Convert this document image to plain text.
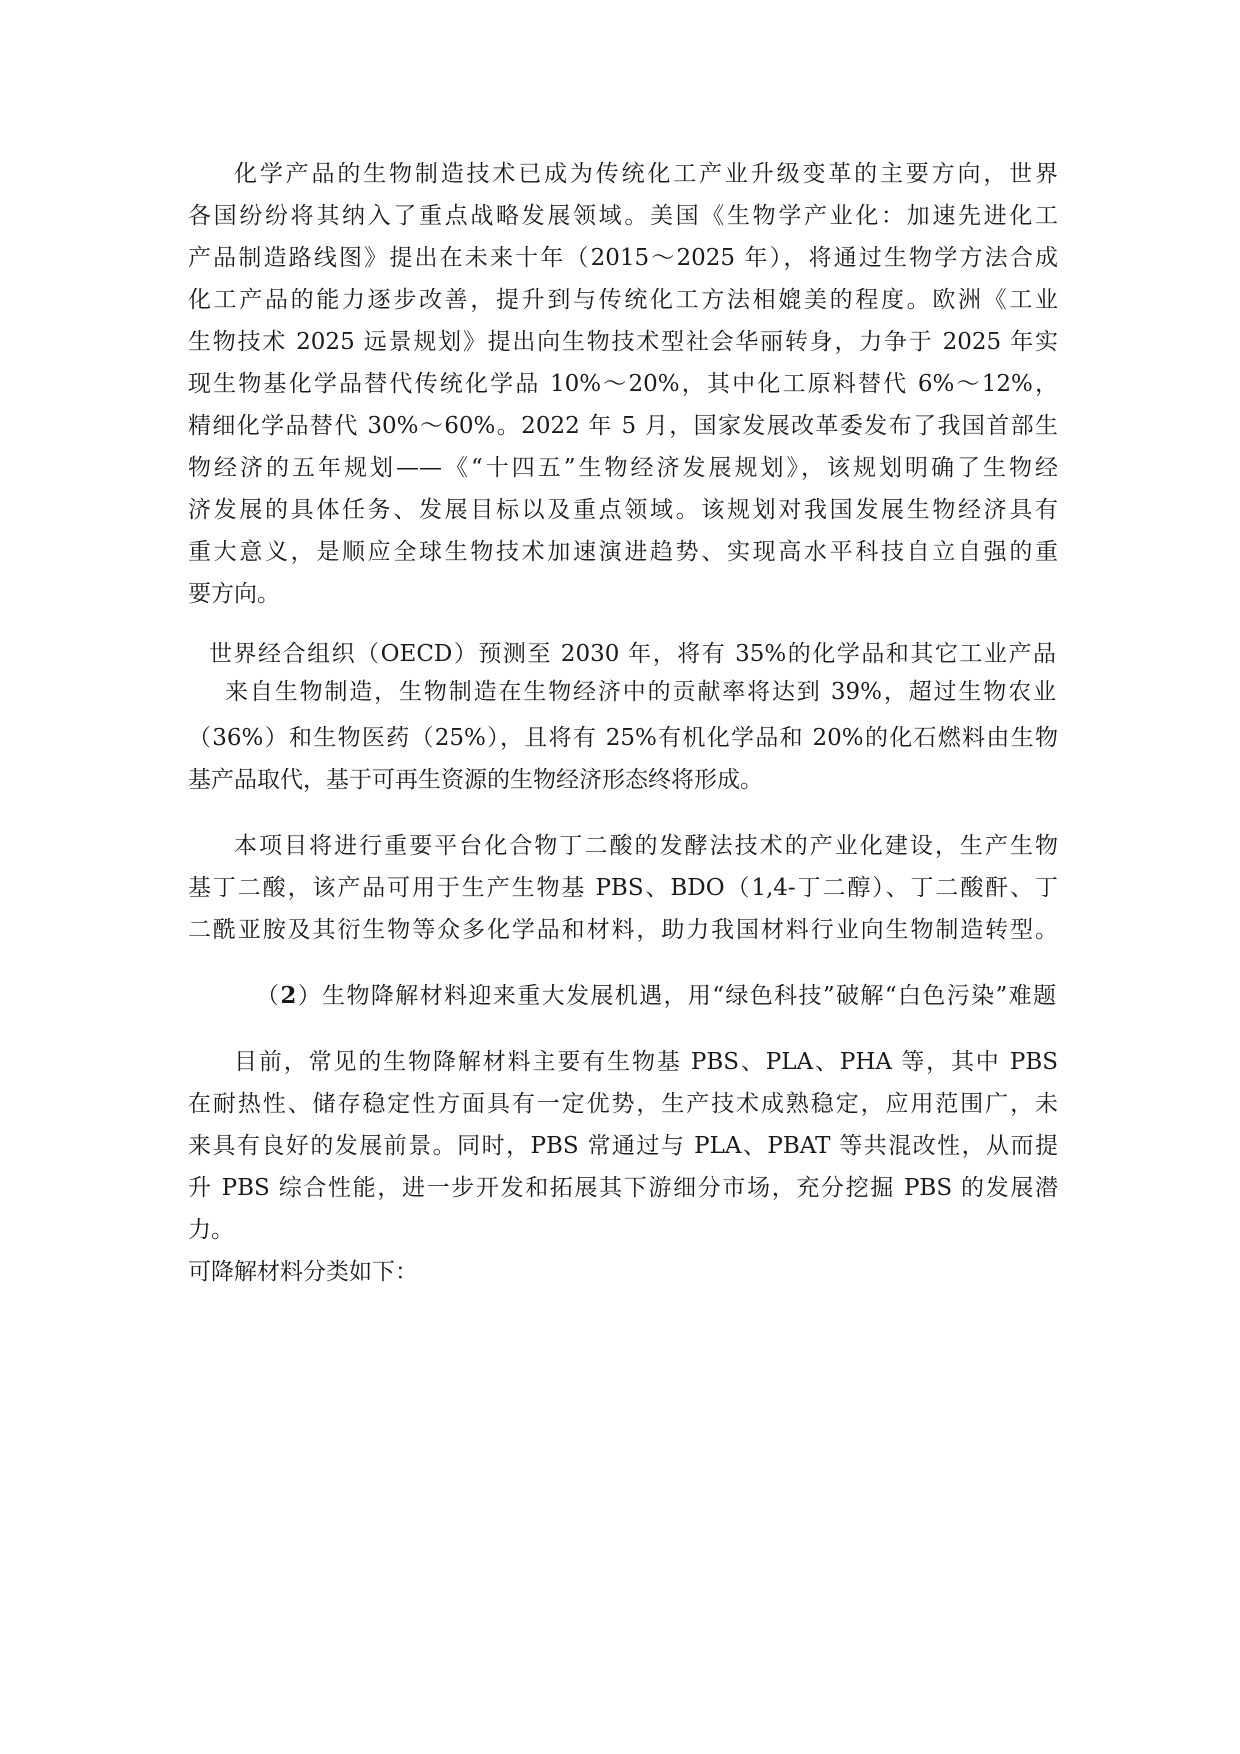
化学产品的生物制造技术已成为传统化工产业升级变革的主要方向，世界

各国纷纷将其纳入了重点战略发展领域。美国《生物学产业化：加速先进化工

产品制造路线图》提出在未来十年（2015～2025 年），将通过生物学方法合成

化工产品的能力逐步改善，提升到与传统化工方法相媲美的程度。欧洲《工业

生物技术 2025 远景规划》提出向生物技术型社会华丽转身，力争于 2025 年实

现生物基化学品替代传统化学品 10%～20%，其中化工原料替代 6%～12%，

精细化学品替代 30%～60%。2022 年 5 月，国家发展改革委发布了我国首部生

物经济的五年规划——《“十四五”生物经济发展规划》，该规划明确了生物经

济发展的具体任务、发展目标以及重点领域。该规划对我国发展生物经济具有

重大意义，是顺应全球生物技术加速演进趋势、实现高水平科技自立自强的重

要方向。

世界经合组织（OECD）预测至 2030 年，将有 35%的化学品和其它工业产品

来自生物制造，生物制造在生物经济中的贡献率将达到 39%，超过生物农业

（36%）和生物医药（25%），且将有 25%有机化学品和 20%的化石燃料由生物

基产品取代，基于可再生资源的生物经济形态终将形成。

本项目将进行重要平台化合物丁二酸的发酵法技术的产业化建设，生产生物

基丁二酸，该产品可用于生产生物基 PBS、BDO（1,4-丁二醇）、丁二酸酐、丁

二酰亚胺及其衍生物等众多化学品和材料，助力我国材料行业向生物制造转型。

（2）生物降解材料迎来重大发展机遇，用“绿色科技”破解“白色污染”难题

目前，常见的生物降解材料主要有生物基 PBS、PLA、PHA 等，其中 PBS

在耐热性、储存稳定性方面具有一定优势，生产技术成熟稳定，应用范围广，未

来具有良好的发展前景。同时，PBS 常通过与 PLA、PBAT 等共混改性，从而提

升 PBS 综合性能，进一步开发和拓展其下游细分市场，充分挖掘 PBS 的发展潜

力。

可降解材料分类如下：
